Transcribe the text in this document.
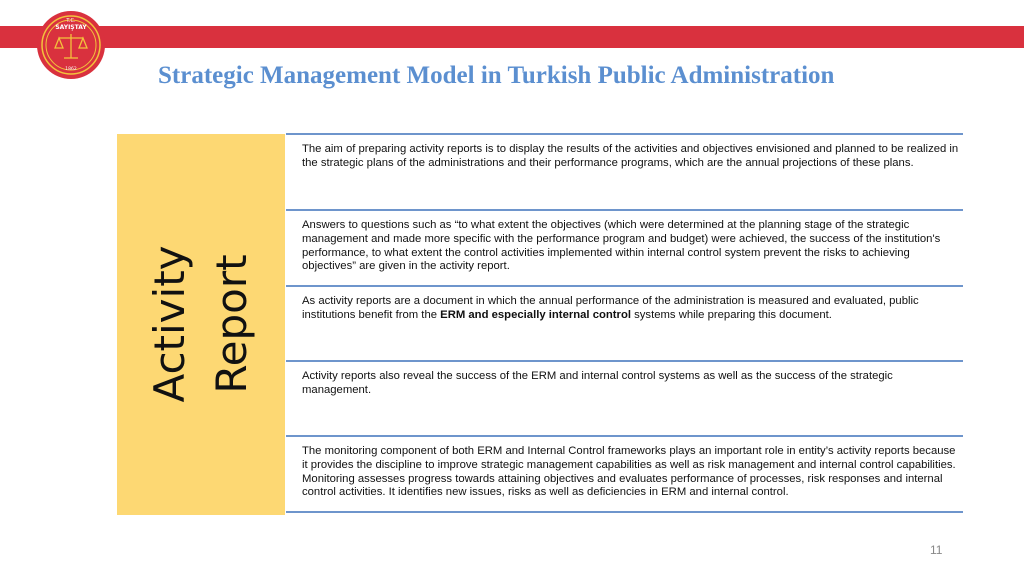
T.C.
SAYIŞTAY
1862	Strategic Management Model in Turkish Public Administration
Activity Report

The aim of preparing activity reports is to display the results of the activities and objectives envisioned and planned to be realized in the strategic plans of the administrations and their performance programs, which are the annual projections of these plans.

Answers to questions such as “to what extent the objectives (which were determined at the planning stage of the strategic management and made more specific with the performance program and budget) were achieved, the success of the institution's performance, to what extent the control activities implemented within internal control system prevent the risks to achieving objectives” are given in the activity report.

As activity reports are a document in which the annual performance of the administration is measured and evaluated, public institutions benefit from the ERM and especially internal control systems while preparing this document.

Activity reports also reveal the success of the ERM and internal control systems as well as the success of the strategic management.

The monitoring component of both ERM and Internal Control frameworks plays an important role in entity’s activity reports because it provides the discipline to improve strategic management capabilities as well as risk management and internal control capabilities. Monitoring assesses progress towards attaining objectives and evaluates performance of processes, risk responses and internal control activities. It identifies new issues, risks as well as deficiencies in ERM and internal control.

11
